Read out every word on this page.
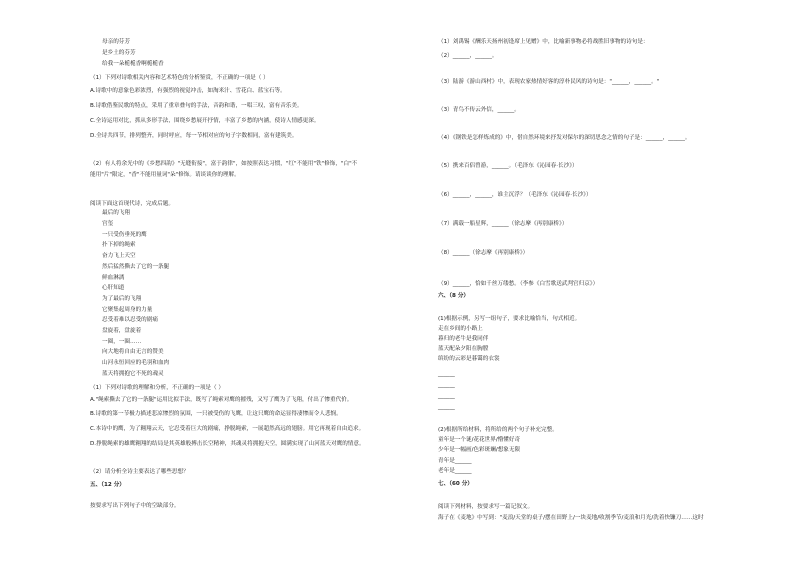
母亲的芬芳
是乡土的芬芳
给我一朵栀栀香啊栀栀香
（1）下列对诗歌相关内容和艺术特色的分析鉴赏，不正确的一项是（ ）
A.诗歌中的意象色彩浓烈，有强烈的视觉冲击，如淘米汁、雪花白、蓝宝石等。
B.诗歌借鉴民歌的特点，采用了重章叠句的手法，音韵和谐，一唱三叹，富有音乐美。
C.全诗运用对比，抓从多形手法，围绕乡愁展开抒情，丰富了乡愁的内涵，使诗人情感更深。
D.全诗共四节，排列整齐，同时呼应，每一节相对应的句子字数相同，富有建筑美。
（2）有人将余光中的《乡愁四韵》"无缝衔接"，富于韵律"，如按照表达习惯，"红"不能用"铁"修饰，"白"不
能用"片"限定，"香"不能用量词"朵"修饰。请谈谈你的理解。
阅读下面这首现代诗，完成后题。
最后的飞翔
宫玺
一只受伤垂死的鹰
扑下掉的绳索
奋力飞上天空
然后猛然撕去了它的一条腿
鲜血淋漓
心肝知道
为了最后的飞翔
它聚集起周身的力量
忍受着难以忍受的剧痛
盘旋着，盘旋着
一圈，一圈……
向大地将自由无言的赞美
山河永恒回应的毛羽和血肉
蓝天将拥抱它不死的魂灵
（1）下列对诗歌的理解和分析，不正确的一项是（ ）
A."绳索撕去了它的一条腿"运用比拟手法，既写了绳索对鹰的摧残，又写了鹰为了飞翔，付出了惨重代价。
B.诗歌的第一节极力描述悲凉惨烈的氛围，一只被受伤的飞鹰，让这只鹰的命运显得凄惨而令人悲悯。
C.本诗中的鹰，为了翱翔云天，它忍受着巨大的剧痛，挣脱绳索，一展超然高远的翅膀。用它再现着自由追求。
D.挣脱绳索的雄鹰翱翔的结局是其英雄般搏击长空精神，其魂灵将拥抱天空，圆满实现了山河蓝天对鹰的情意。
（2）请分析全诗主要表达了哪些思想？
五、（12 分）
按要求写出下列句子中的空缺部分。
（1）刘禹锡《酬乐天扬州初逢席上见赠》中，比喻新事物必将战胜旧事物的诗句是：
（2）______，______。
（3）陆游《游山西村》中，表现农家热情好客的淳朴民风的诗句是："______，______。"
（3）青鸟不传云外信，______。
（4）《钢铁是怎样炼成的》中，借自然环境来抒发对保尔的深切思念之情的句子是：______，______。
（5）携来百侣曾游，______。（毛泽东《沁园春·长沙》）
（6）______，______，谁主沉浮？（毛泽东《沁园春·长沙》）
（7）满载一船星辉，______（徐志摩《再别康桥》）
（8）______（徐志摩《再别康桥》）
（9）______，恰如千丝万缕愁。（李参《白雪歌送武判官归京》）
六、（8 分）
(1)根据示例，另写一组句子，要求比喻恰当，句式相近。
走在乡间的小路上
暮归的老牛是我同伴
蓝天配朵夕阳在胸膛
缤纷的云彩是暮霭的衣裳
______
______
______
______
(2)根据所给材料，将所给的两个句子补充完整。
童年是一个谜/花花世界/懵懂好奇
少年是一幅画/色彩斑斓/想象无限
青年是______
老年是______
七、（60 分）
阅读下列材料，按要求写一篇记叙文。
海子在《麦地》中写到："麦浪/天堂的桌子/摆在田野上/一块麦地/收割季节/麦浪和月光/洗着快镰刀……这时
